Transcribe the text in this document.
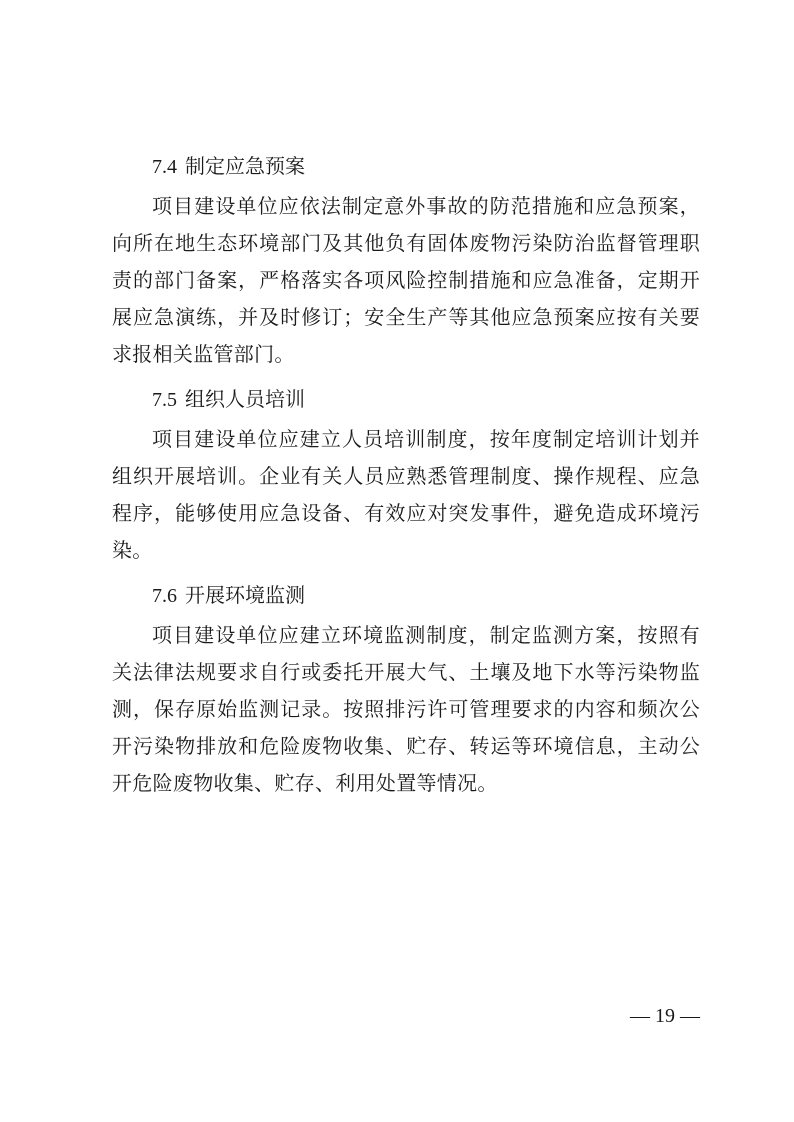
7.4 制定应急预案

项目建设单位应依法制定意外事故的防范措施和应急预案，向所在地生态环境部门及其他负有固体废物污染防治监督管理职责的部门备案，严格落实各项风险控制措施和应急准备，定期开展应急演练，并及时修订；安全生产等其他应急预案应按有关要求报相关监管部门。

7.5 组织人员培训

项目建设单位应建立人员培训制度，按年度制定培训计划并组织开展培训。企业有关人员应熟悉管理制度、操作规程、应急程序，能够使用应急设备、有效应对突发事件，避免造成环境污染。

7.6 开展环境监测

项目建设单位应建立环境监测制度，制定监测方案，按照有关法律法规要求自行或委托开展大气、土壤及地下水等污染物监测，保存原始监测记录。按照排污许可管理要求的内容和频次公开污染物排放和危险废物收集、贮存、转运等环境信息，主动公开危险废物收集、贮存、利用处置等情况。

— 19 —
